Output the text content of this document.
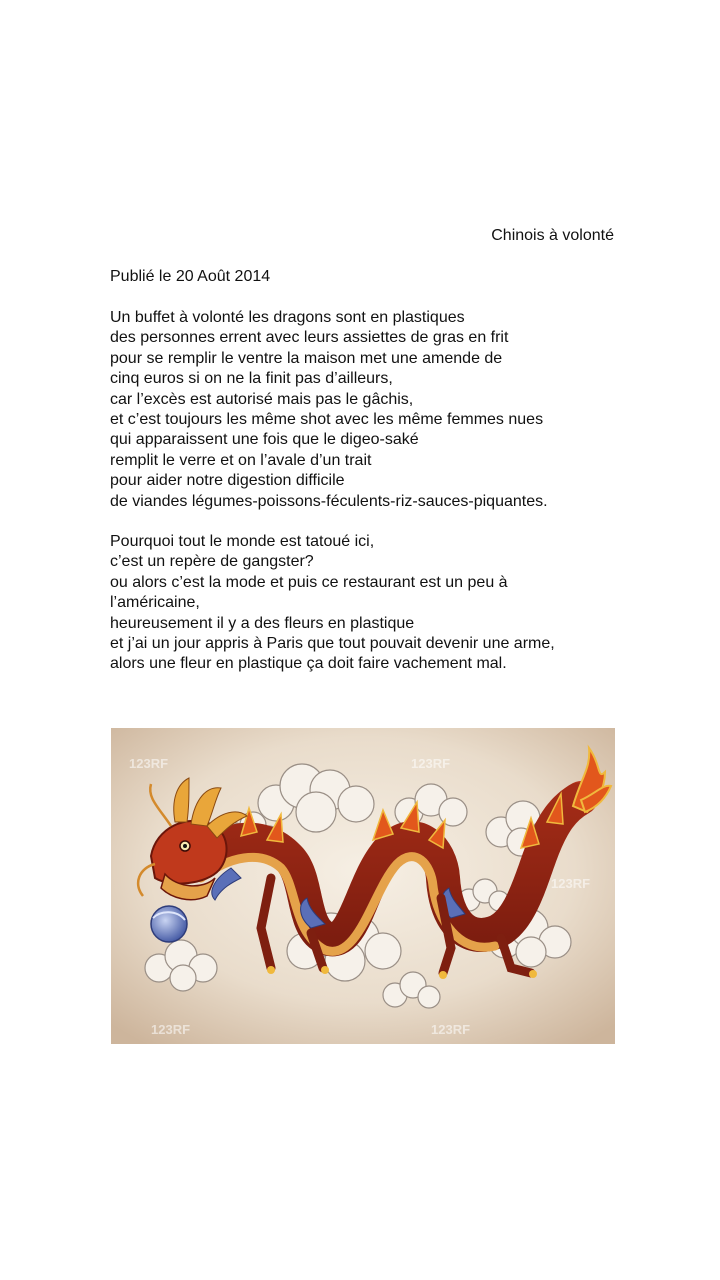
Chinois à volonté
Publié le 20 Août 2014
Un buffet à volonté les dragons sont en plastiques
des personnes errent avec leurs assiettes de gras en frit
pour se remplir le ventre la maison met une amende de
cinq euros si on ne la finit pas d’ailleurs,
car l’excès est autorisé mais pas le gâchis,
et c’est toujours les même shot avec les même femmes nues
qui apparaissent une fois que le digeo-saké
remplit le verre et on l’avale d’un trait
pour aider notre digestion difficile
de viandes légumes-poissons-féculents-riz-sauces-piquantes.
Pourquoi tout le monde est tatoué ici,
c’est un repère de gangster?
ou alors c’est la mode et puis ce restaurant est un peu à
l’américaine,
heureusement il y a des fleurs en plastique
et j’ai un jour appris à Paris que tout pouvait devenir une arme,
alors une fleur en plastique ça doit faire vachement mal.
123RF	123RF
123RF
123RF	123RF
